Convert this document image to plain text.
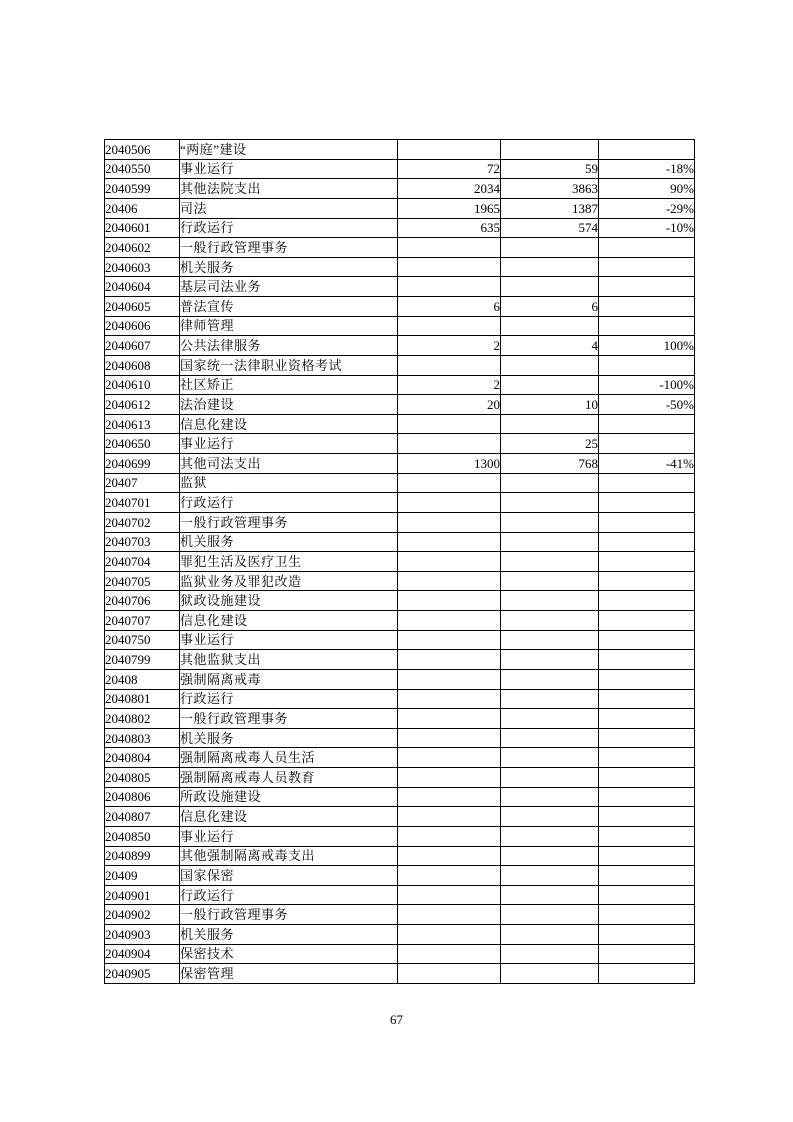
2040506	“两庭”建设			
2040550	事业运行	72	59	-18%
2040599	其他法院支出	2034	3863	90%
20406	司法	1965	1387	-29%
2040601	行政运行	635	574	-10%
2040602	一般行政管理事务			
2040603	机关服务			
2040604	基层司法业务			
2040605	普法宣传	6	6	
2040606	律师管理			
2040607	公共法律服务	2	4	100%
2040608	国家统一法律职业资格考试			
2040610	社区矫正	2		-100%
2040612	法治建设	20	10	-50%
2040613	信息化建设			
2040650	事业运行		25	
2040699	其他司法支出	1300	768	-41%
20407	监狱			
2040701	行政运行			
2040702	一般行政管理事务			
2040703	机关服务			
2040704	罪犯生活及医疗卫生			
2040705	监狱业务及罪犯改造			
2040706	狱政设施建设			
2040707	信息化建设			
2040750	事业运行			
2040799	其他监狱支出			
20408	强制隔离戒毒			
2040801	行政运行			
2040802	一般行政管理事务			
2040803	机关服务			
2040804	强制隔离戒毒人员生活			
2040805	强制隔离戒毒人员教育			
2040806	所政设施建设			
2040807	信息化建设			
2040850	事业运行			
2040899	其他强制隔离戒毒支出			
20409	国家保密			
2040901	行政运行			
2040902	一般行政管理事务			
2040903	机关服务			
2040904	保密技术			
2040905	保密管理			
67
